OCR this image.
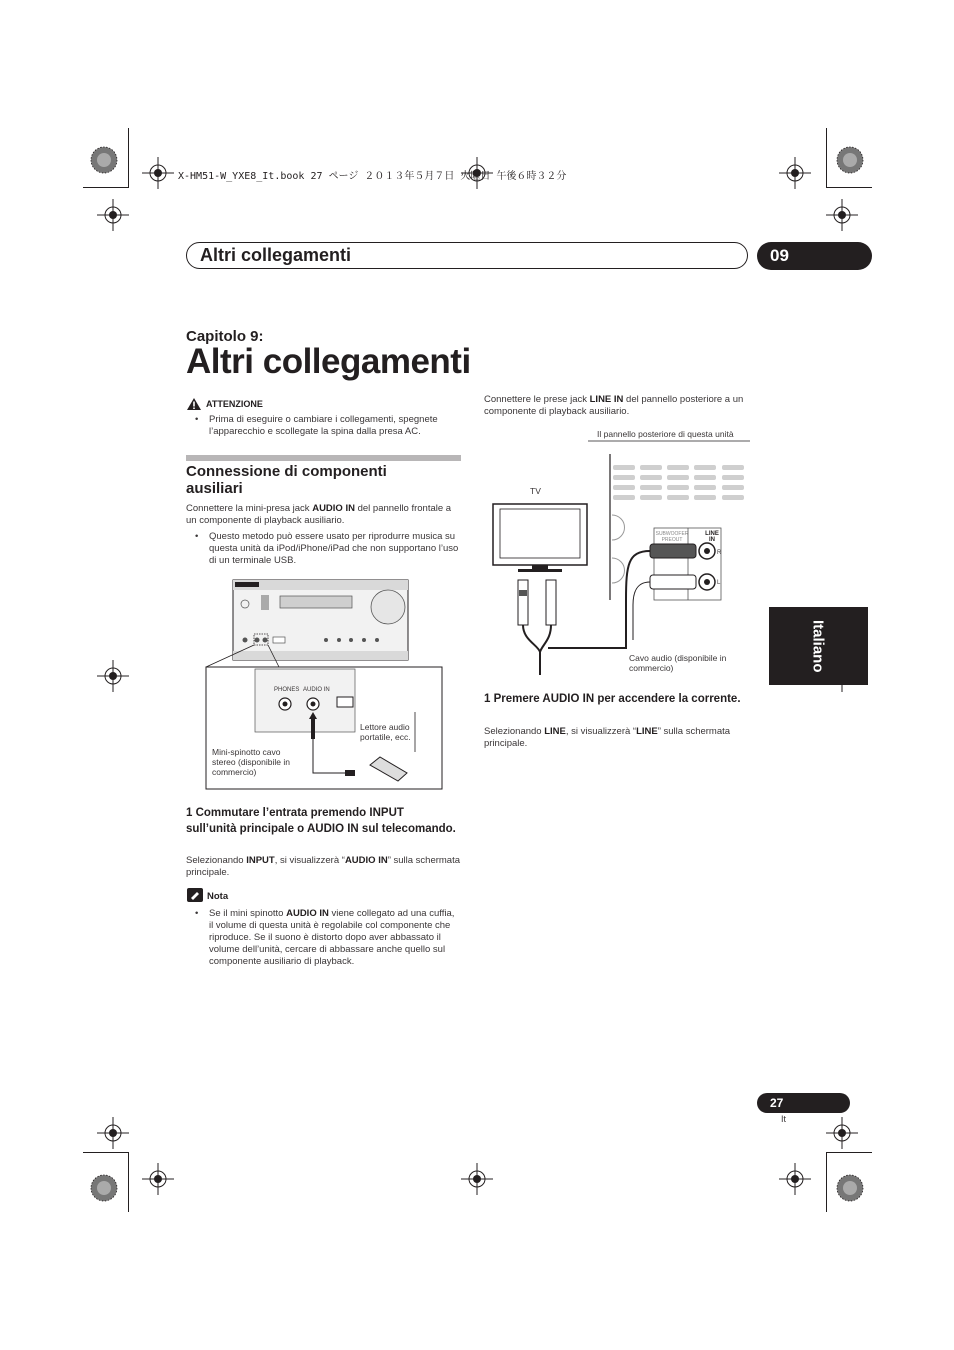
X-HM51-W_YXE8_It.book 27 ページ ２０１３年５月７日 火曜日 午後６時３２分
Altri collegamenti	09
Capitolo 9:
Altri collegamenti
ATTENZIONE
• Prima di eseguire o cambiare i collegamenti, spegnete l’apparecchio e scollegate la spina dalla presa AC.
Connessione di componenti ausiliari
Connettere la mini-presa jack AUDIO IN del pannello frontale a un componente di playback ausiliario.
• Questo metodo può essere usato per riprodurre musica su questa unità da iPod/iPhone/iPad che non supportano l’uso di un terminale USB.
PHONES AUDIO IN
Lettore audio portatile, ecc.
Mini-spinotto cavo stereo (disponibile in commercio)
1 Commutare l’entrata premendo INPUT sull’unità principale o AUDIO IN sul telecomando.
Selezionando INPUT, si visualizzerà “AUDIO IN” sulla schermata principale.
Nota
• Se il mini spinotto AUDIO IN viene collegato ad una cuffia, il volume di questa unità è regolabile col componente che riproduce. Se il suono è distorto dopo aver abbassato il volume dell’unità, cercare di abbassare anche quello sul componente ausiliario di playback.
Connettere le prese jack LINE IN del pannello posteriore a un componente di playback ausiliario.
Il pannello posteriore di questa unità
TV
SUBWOOFER PREOUT
LINE IN
R
L
Cavo audio (disponibile in commercio)
1 Premere AUDIO IN per accendere la corrente.
Selezionando LINE, si visualizzerà “LINE” sulla schermata principale.
Italiano
27
It
